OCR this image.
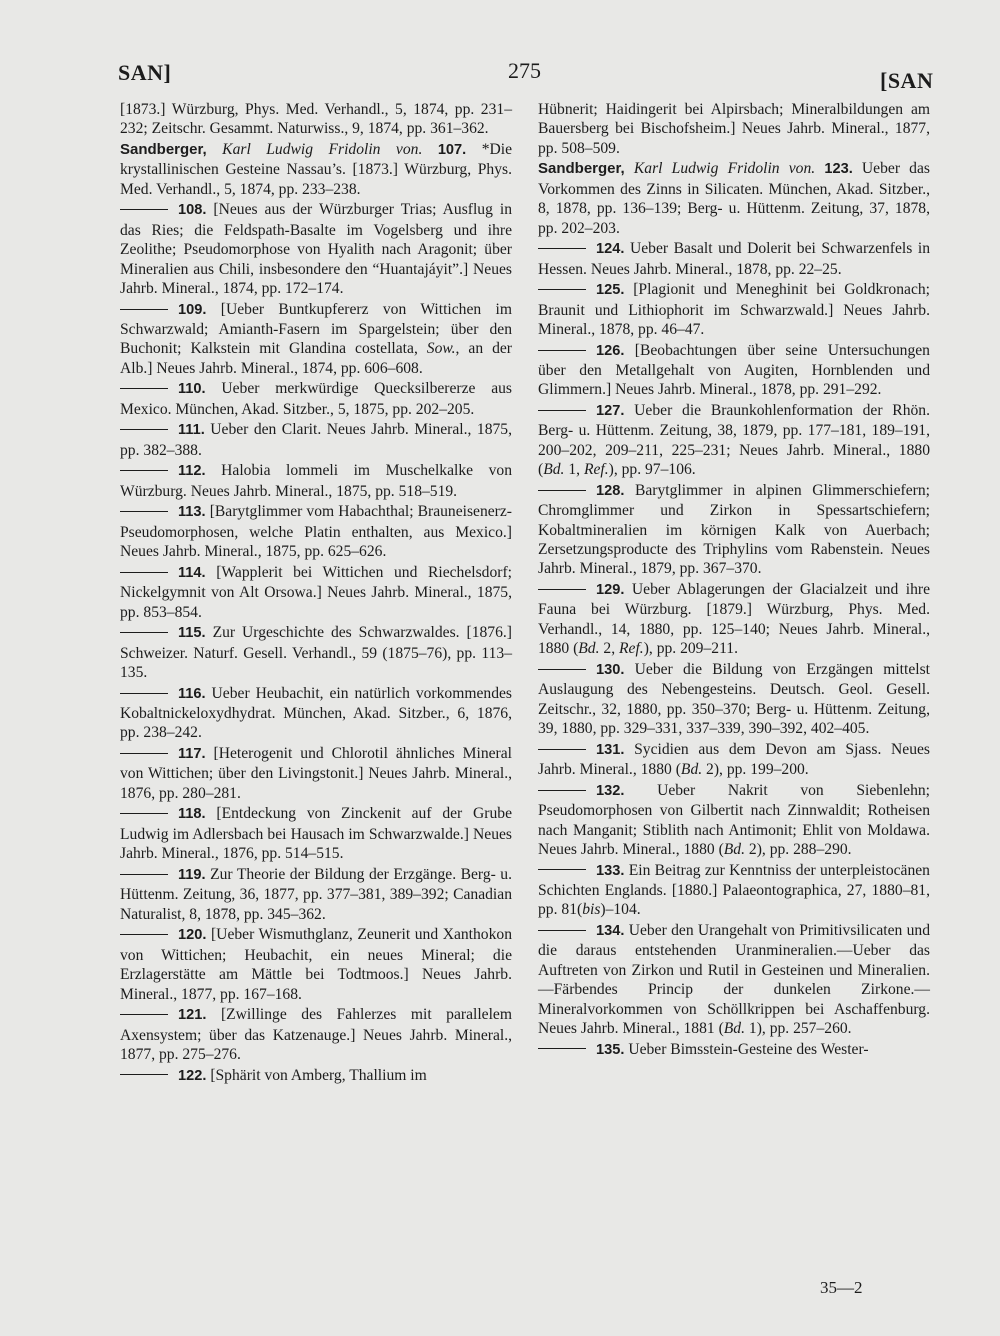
SAN]	275	[SAN

[1873.] Würzburg, Phys. Med. Verhandl., 5, 1874, pp. 231–232; Zeitschr. Gesammt. Naturwiss., 9, 1874, pp. 361–362.

Sandberger, Karl Ludwig Fridolin von. 107. *Die krystallinischen Gesteine Nassau’s. [1873.] Würzburg, Phys. Med. Verhandl., 5, 1874, pp. 233–238.

108. [Neues aus der Würzburger Trias; Ausflug in das Ries; die Feldspath-Basalte im Vogelsberg und ihre Zeolithe; Pseudomorphose von Hyalith nach Aragonit; über Mineralien aus Chili, insbesondere den “Huantajáyit”.] Neues Jahrb. Mineral., 1874, pp. 172–174.

109. [Ueber Buntkupfererz von Wittichen im Schwarzwald; Amianth-Fasern im Spargelstein; über den Buchonit; Kalkstein mit Glandina costellata, Sow., an der Alb.] Neues Jahrb. Mineral., 1874, pp. 606–608.

110. Ueber merkwürdige Quecksilbererze aus Mexico. München, Akad. Sitzber., 5, 1875, pp. 202–205.

111. Ueber den Clarit. Neues Jahrb. Mineral., 1875, pp. 382–388.

112. Halobia lommeli im Muschelkalke von Würzburg. Neues Jahrb. Mineral., 1875, pp. 518–519.

113. [Barytglimmer vom Habachthal; Brauneisenerz-Pseudomorphosen, welche Platin enthalten, aus Mexico.] Neues Jahrb. Mineral., 1875, pp. 625–626.

114. [Wapplerit bei Wittichen und Riechelsdorf; Nickelgymnit von Alt Orsowa.] Neues Jahrb. Mineral., 1875, pp. 853–854.

115. Zur Urgeschichte des Schwarzwaldes. [1876.] Schweizer. Naturf. Gesell. Verhandl., 59 (1875–76), pp. 113–135.

116. Ueber Heubachit, ein natürlich vorkommendes Kobaltnickeloxydhydrat. München, Akad. Sitzber., 6, 1876, pp. 238–242.

117. [Heterogenit und Chlorotil ähnliches Mineral von Wittichen; über den Livingstonit.] Neues Jahrb. Mineral., 1876, pp. 280–281.

118. [Entdeckung von Zinckenit auf der Grube Ludwig im Adlersbach bei Hausach im Schwarzwalde.] Neues Jahrb. Mineral., 1876, pp. 514–515.

119. Zur Theorie der Bildung der Erzgänge. Berg- u. Hüttenm. Zeitung, 36, 1877, pp. 377–381, 389–392; Canadian Naturalist, 8, 1878, pp. 345–362.

120. [Ueber Wismuthglanz, Zeunerit und Xanthokon von Wittichen; Heubachit, ein neues Mineral; die Erzlagerstätte am Mättle bei Todtmoos.] Neues Jahrb. Mineral., 1877, pp. 167–168.

121. [Zwillinge des Fahlerzes mit parallelem Axensystem; über das Katzenauge.] Neues Jahrb. Mineral., 1877, pp. 275–276.

122. [Sphärit von Amberg, Thallium im

Hübnerit; Haidingerit bei Alpirsbach; Mineralbildungen am Bauersberg bei Bischofsheim.] Neues Jahrb. Mineral., 1877, pp. 508–509.

Sandberger, Karl Ludwig Fridolin von. 123. Ueber das Vorkommen des Zinns in Silicaten. München, Akad. Sitzber., 8, 1878, pp. 136–139; Berg- u. Hüttenm. Zeitung, 37, 1878, pp. 202–203.

124. Ueber Basalt und Dolerit bei Schwarzenfels in Hessen. Neues Jahrb. Mineral., 1878, pp. 22–25.

125. [Plagionit und Meneghinit bei Goldkronach; Braunit und Lithiophorit im Schwarzwald.] Neues Jahrb. Mineral., 1878, pp. 46–47.

126. [Beobachtungen über seine Untersuchungen über den Metallgehalt von Augiten, Hornblenden und Glimmern.] Neues Jahrb. Mineral., 1878, pp. 291–292.

127. Ueber die Braunkohlenformation der Rhön. Berg- u. Hüttenm. Zeitung, 38, 1879, pp. 177–181, 189–191, 200–202, 209–211, 225–231; Neues Jahrb. Mineral., 1880 (Bd. 1, Ref.), pp. 97–106.

128. Barytglimmer in alpinen Glimmerschiefern; Chromglimmer und Zirkon in Spessartschiefern; Kobaltmineralien im körnigen Kalk von Auerbach; Zersetzungsproducte des Triphylins vom Rabenstein. Neues Jahrb. Mineral., 1879, pp. 367–370.

129. Ueber Ablagerungen der Glacialzeit und ihre Fauna bei Würzburg. [1879.] Würzburg, Phys. Med. Verhandl., 14, 1880, pp. 125–140; Neues Jahrb. Mineral., 1880 (Bd. 2, Ref.), pp. 209–211.

130. Ueber die Bildung von Erzgängen mittelst Auslaugung des Nebengesteins. Deutsch. Geol. Gesell. Zeitschr., 32, 1880, pp. 350–370; Berg- u. Hüttenm. Zeitung, 39, 1880, pp. 329–331, 337–339, 390–392, 402–405.

131. Sycidien aus dem Devon am Sjass. Neues Jahrb. Mineral., 1880 (Bd. 2), pp. 199–200.

132. Ueber Nakrit von Siebenlehn; Pseudomorphosen von Gilbertit nach Zinnwaldit; Rotheisen nach Manganit; Stiblith nach Antimonit; Ehlit von Moldawa. Neues Jahrb. Mineral., 1880 (Bd. 2), pp. 288–290.

133. Ein Beitrag zur Kenntniss der unterpleistocänen Schichten Englands. [1880.] Palaeontographica, 27, 1880–81, pp. 81(bis)–104.

134. Ueber den Urangehalt von Primitivsilicaten und die daraus entstehenden Uranmineralien.—Ueber das Auftreten von Zirkon und Rutil in Gesteinen und Mineralien.—Färbendes Princip der dunkelen Zirkone.—Mineralvorkommen von Schöllkrippen bei Aschaffenburg. Neues Jahrb. Mineral., 1881 (Bd. 1), pp. 257–260.

135. Ueber Bimsstein-Gesteine des Wester-

35—2
